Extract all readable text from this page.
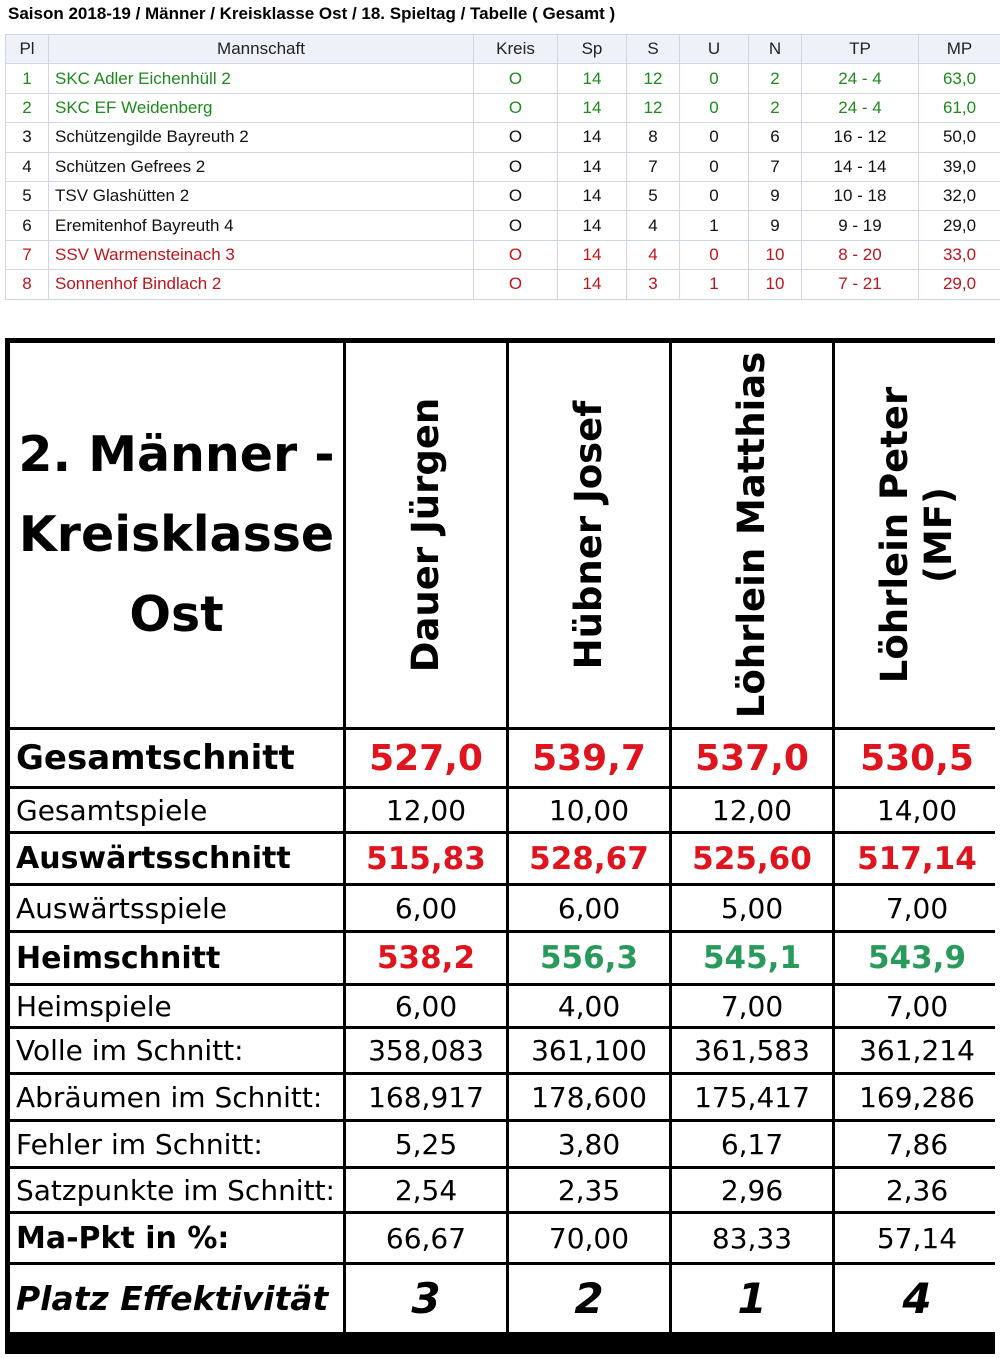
Saison 2018-19 / Männer / Kreisklasse Ost / 18. Spieltag / Tabelle ( Gesamt )
Pl	Mannschaft	Kreis	Sp	S	U	N	TP	MP
1	SKC Adler Eichenhüll 2	O	14	12	0	2	24 - 4	63,0
2	SKC EF Weidenberg	O	14	12	0	2	24 - 4	61,0
3	Schützengilde Bayreuth 2	O	14	8	0	6	16 - 12	50,0
4	Schützen Gefrees 2	O	14	7	0	7	14 - 14	39,0
5	TSV Glashütten 2	O	14	5	0	9	10 - 18	32,0
6	Eremitenhof Bayreuth 4	O	14	4	1	9	9 - 19	29,0
7	SSV Warmensteinach 3	O	14	4	0	10	8 - 20	33,0
8	Sonnenhof Bindlach 2	O	14	3	1	10	7 - 21	29,0
2. Männer -
Kreisklasse
Ost	Dauer Jürgen	Hübner Josef	Löhrlein Matthias	Löhrlein Peter (MF)
Gesamtschnitt	527,0	539,7	537,0	530,5
Gesamtspiele	12,00	10,00	12,00	14,00
Auswärtsschnitt	515,83	528,67	525,60	517,14
Auswärtsspiele	6,00	6,00	5,00	7,00
Heimschnitt	538,2	556,3	545,1	543,9
Heimspiele	6,00	4,00	7,00	7,00
Volle im Schnitt:	358,083	361,100	361,583	361,214
Abräumen im Schnitt:	168,917	178,600	175,417	169,286
Fehler im Schnitt:	5,25	3,80	6,17	7,86
Satzpunkte im Schnitt:	2,54	2,35	2,96	2,36
Ma-Pkt in %:	66,67	70,00	83,33	57,14
Platz Effektivität	3	2	1	4
